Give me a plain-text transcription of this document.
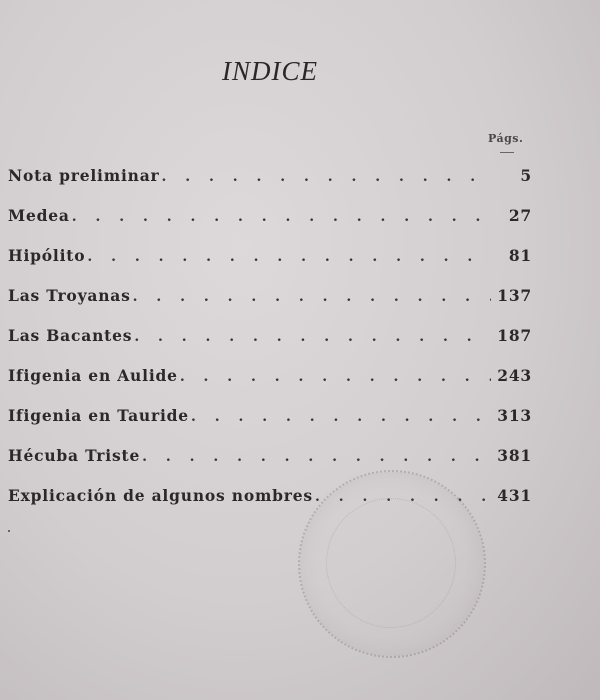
INDICE
Págs.
Nota preliminar . . .	5
Medea . . .	27
Hipólito . . .	81
Las Troyanas . . .	137
Las Bacantes . . .	187
Ifigenia en Aulide . . .	243
Ifigenia en Tauride . . .	313
Hécuba Triste . . .	381
Explicación de algunos nombres . . .	431
